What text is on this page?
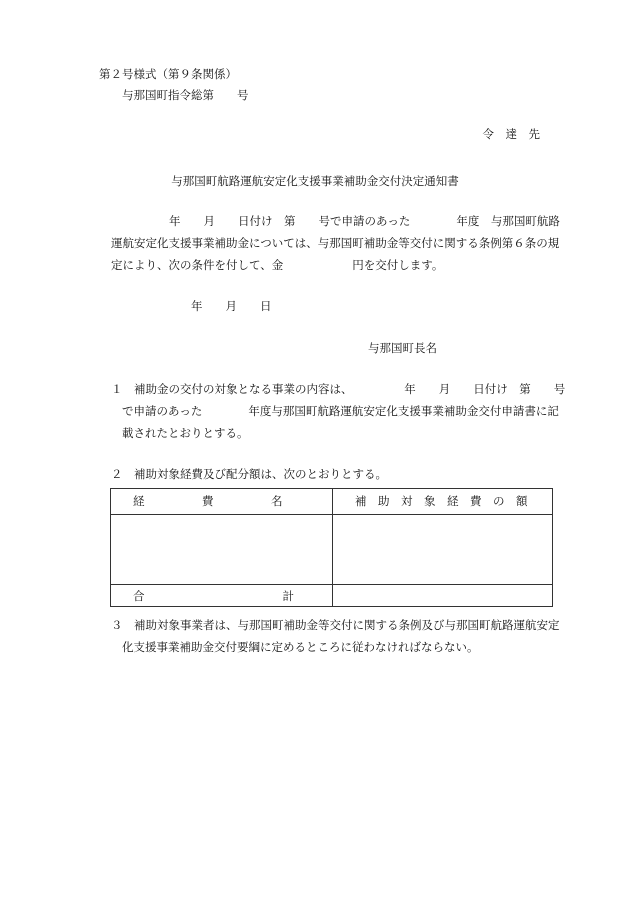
第２号様式（第９条関係）
与那国町指令総第　　号
令　達　先
与那国町航路運航安定化支援事業補助金交付決定通知書
　　年　　月　　日付け　第　　号で申請のあった　　　　年度　与那国町航路
運航安定化支援事業補助金については、与那国町補助金等交付に関する条例第６条の規
定により、次の条件を付して、金　　　　　　円を交付します。
年　　月　　日
与那国町長名
１　補助金の交付の対象となる事業の内容は、　　　　　年　　月　　日付け　第　　号
で申請のあった　　　　年度与那国町航路運航安定化支援事業補助金交付申請書に記
載されたとおりとする。
２　補助対象経費及び配分額は、次のとおりとする。
経　　　　　費　　　　　名	補　助　対　象　経　費　の　額
合　　　　　　　　　　　　計
３　補助対象事業者は、与那国町補助金等交付に関する条例及び与那国町航路運航安定
化支援事業補助金交付要綱に定めるところに従わなければならない。
